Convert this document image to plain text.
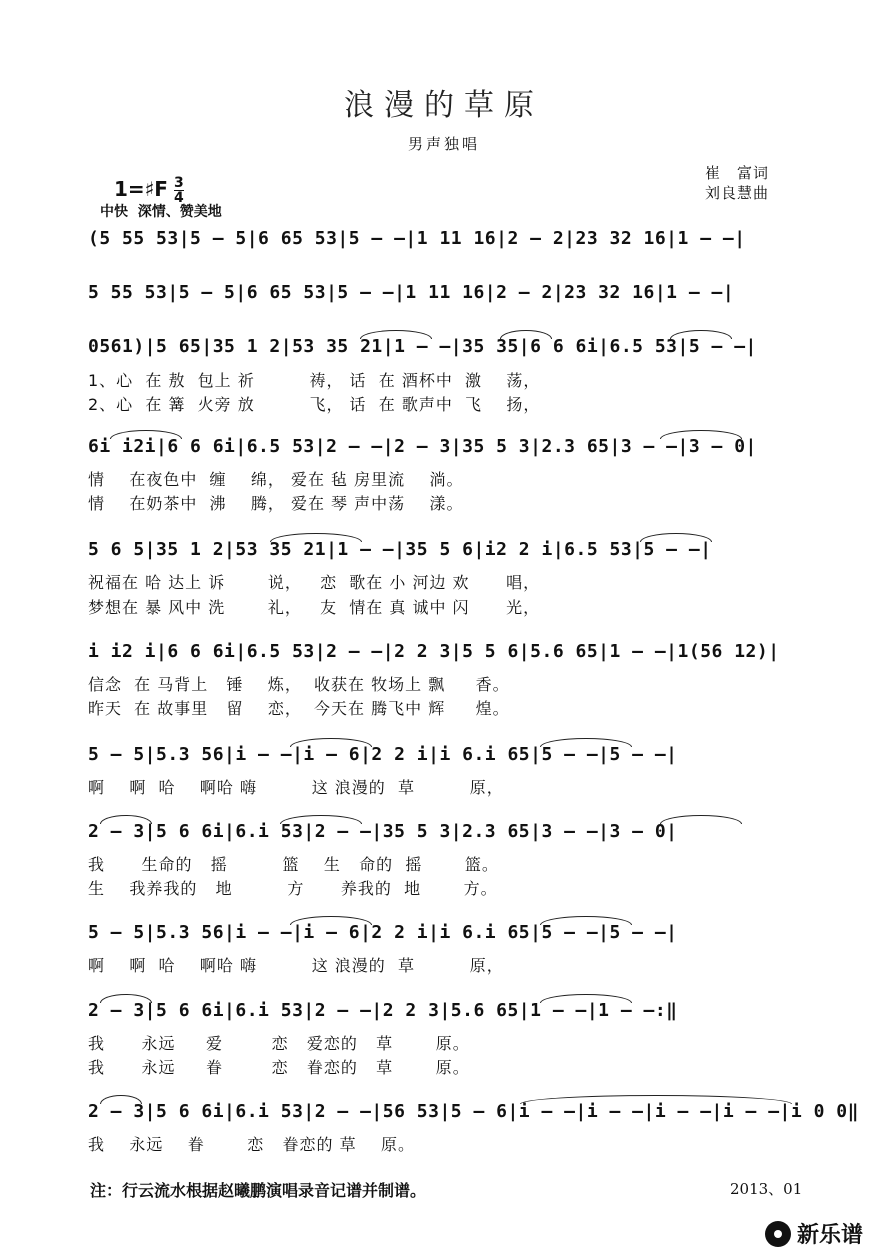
浪漫的草原
男声独唱

1=♯F $\frac{3}{4}$

崔　富词
刘良慧曲
中快  深情、赞美地
(5 55 53|5 – 5|6 65 53|5 – –|1 11 16|2 – 2|23 32 16|1 – –|
5 55 53|5 – 5|6 65 53|5 – –|1 11 16|2 – 2|23 32 16|1 – –|
0561)|5 65|35 1 2|53 35 21|1 – –|35 35|6 6 6i|6.5 53|5 – –|
1、心  在 敖  包上 祈         祷， 话  在 酒杯中  激    荡，
2、心  在 篝  火旁 放         飞， 话  在 歌声中  飞    扬，
6i i2i|6 6 6i|6.5 53|2 – –|2 – 3|35 5 3|2.3 65|3 – –|3 – 0|
情    在夜色中  缠    绵， 爱在 毡 房里流    淌。
情    在奶茶中  沸    腾， 爱在 琴 声中荡    漾。
5 6 5|35 1 2|53 35 21|1 – –|35 5 6|i2 2 i|6.5 53|5 – –|
祝福在 哈 达上 诉       说，   恋  歌在 小 河边 欢      唱，
梦想在 暴 风中 洗       礼，   友  情在 真 诚中 闪      光，
i i2 i|6 6 6i|6.5 53|2 – –|2 2 3|5 5 6|5.6 65|1 – –|1(56 12)|
信念  在 马背上   锤    炼，  收获在 牧场上 飘     香。
昨天  在 故事里   留    恋，  今天在 腾飞中 辉     煌。
5 – 5|5.3 56|i – –|i – 6|2 2 i|i 6.i 65|5 – –|5 – –|
啊    啊  哈    啊哈 嗨         这 浪漫的  草         原，
2 – 3|5 6 6i|6.i 53|2 – –|35 5 3|2.3 65|3 – –|3 – 0|
我      生命的   摇         篮    生   命的  摇       篮。
生    我养我的   地         方      养我的  地       方。
5 – 5|5.3 56|i – –|i – 6|2 2 i|i 6.i 65|5 – –|5 – –|
啊    啊  哈    啊哈 嗨         这 浪漫的  草         原，
2 – 3|5 6 6i|6.i 53|2 – –|2 2 3|5.6 65|1 – –|1 – –:‖
我      永远     爱        恋   爱恋的   草       原。
我      永远     眷        恋   眷恋的   草       原。
2 – 3|5 6 6i|6.i 53|2 – –|56 53|5 – 6|i – –|i – –|i – –|i – –|i 0 0‖
我    永远    眷       恋   眷恋的 草    原。
注：行云流水根据赵曦鹏演唱录音记谱并制谱。	2013、01
新乐谱
